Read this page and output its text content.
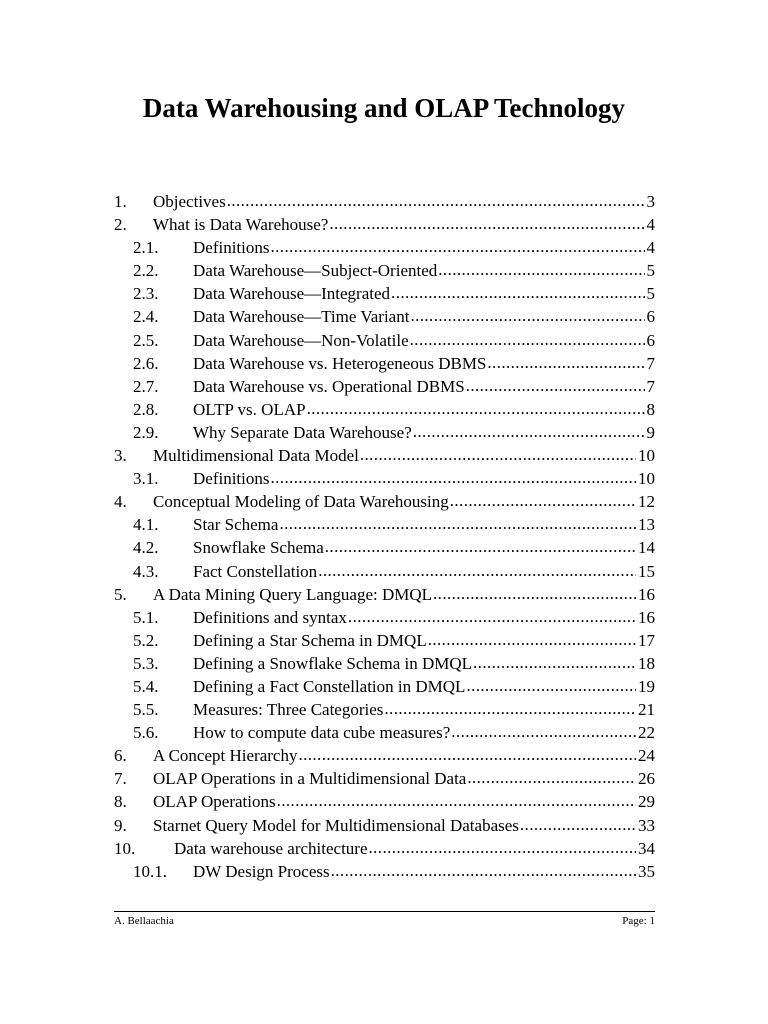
Data Warehousing and OLAP Technology
1.	Objectives .....	3
2.	What is Data Warehouse? .....	4
2.1.	Definitions .....	4
2.2.	Data Warehouse—Subject-Oriented .....	5
2.3.	Data Warehouse—Integrated .....	5
2.4.	Data Warehouse—Time Variant .....	6
2.5.	Data Warehouse—Non-Volatile .....	6
2.6.	Data Warehouse vs. Heterogeneous DBMS .....	7
2.7.	Data Warehouse vs. Operational DBMS .....	7
2.8.	OLTP vs. OLAP .....	8
2.9.	Why Separate Data Warehouse? .....	9
3.	Multidimensional Data Model .....	10
3.1.	Definitions .....	10
4.	Conceptual Modeling of Data Warehousing .....	12
4.1.	Star Schema .....	13
4.2.	Snowflake Schema .....	14
4.3.	Fact Constellation .....	15
5.	A Data Mining Query Language: DMQL .....	16
5.1.	Definitions and syntax .....	16
5.2.	Defining a Star Schema in DMQL .....	17
5.3.	Defining a Snowflake Schema in DMQL .....	18
5.4.	Defining a Fact Constellation in DMQL .....	19
5.5.	Measures: Three Categories .....	21
5.6.	How to compute data cube measures? .....	22
6.	A Concept Hierarchy .....	24
7.	OLAP Operations in a Multidimensional Data .....	26
8.	OLAP Operations .....	29
9.	Starnet Query Model for Multidimensional Databases .....	33
10.	Data warehouse architecture .....	34
10.1.	DW Design Process .....	35
A. Bellaachia	Page: 1
